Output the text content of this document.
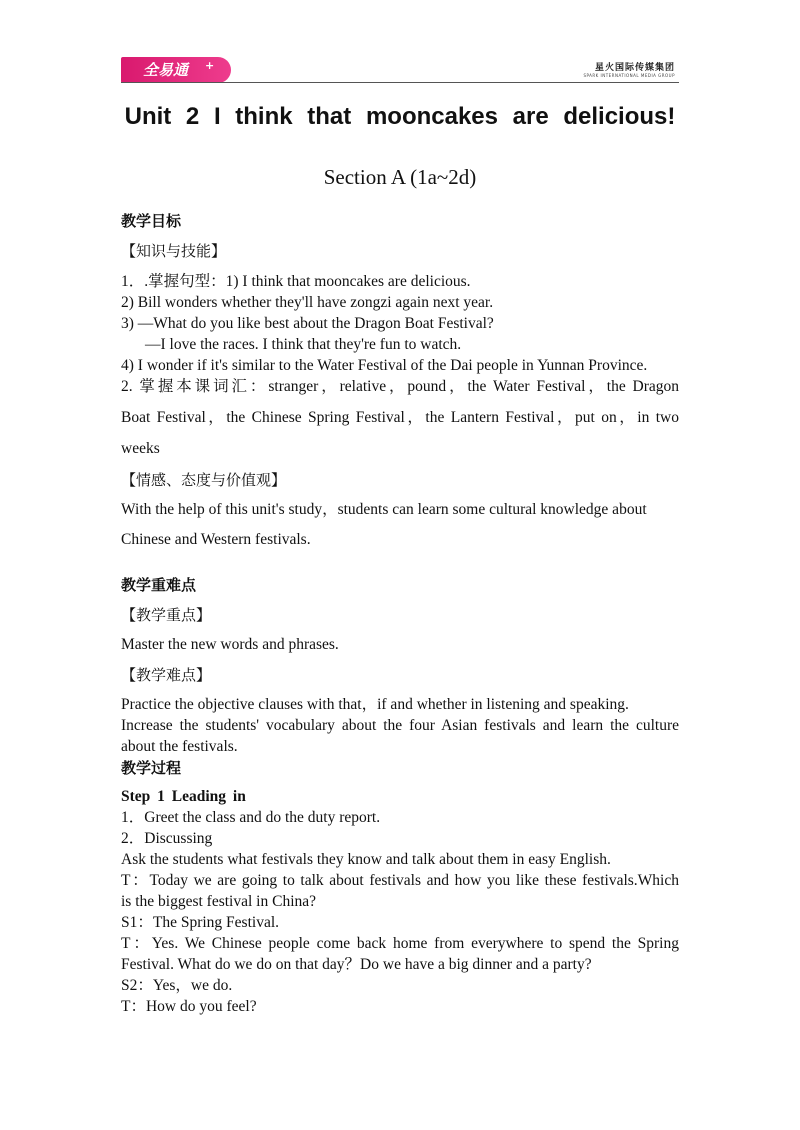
全易通 +	星火国际传媒集团
SPARK INTERNATIONAL MEDIA GROUP
Unit 2 I think that mooncakes are delicious!
Section A (1a~2d)
教学目标
【知识与技能】
1．.掌握句型：1) I think that mooncakes are delicious.
2) Bill wonders whether they'll have zongzi again next year.
3) —What do you like best about the Dragon Boat Festival?
—I love the races. I think that they're fun to watch.
4) I wonder if it's similar to the Water Festival of the Dai people in Yunnan Province.
2. 掌握本课词汇：stranger，relative，pound，the Water Festival，the Dragon
Boat Festival，the Chinese Spring Festival，the Lantern Festival，put on，in two
weeks
【情感、态度与价值观】
With the help of this unit's study，students can learn some cultural knowledge about
Chinese and Western festivals.
教学重难点
【教学重点】
Master the new words and phrases.
【教学难点】
Practice the objective clauses with that，if and whether in listening and speaking.
Increase the students' vocabulary about the four Asian festivals and learn the culture
about the festivals.
教学过程
Step 1 Leading in
1．Greet the class and do the duty report.
2．Discussing
Ask the students what festivals they know and talk about them in easy English.
T：Today we are going to talk about festivals and how you like these festivals.Which
is the biggest festival in China?
S1：The Spring Festival.
T：Yes. We Chinese people come back home from everywhere to spend the Spring
Festival. What do we do on that day？Do we have a big dinner and a party?
S2：Yes，we do.
T：How do you feel?
